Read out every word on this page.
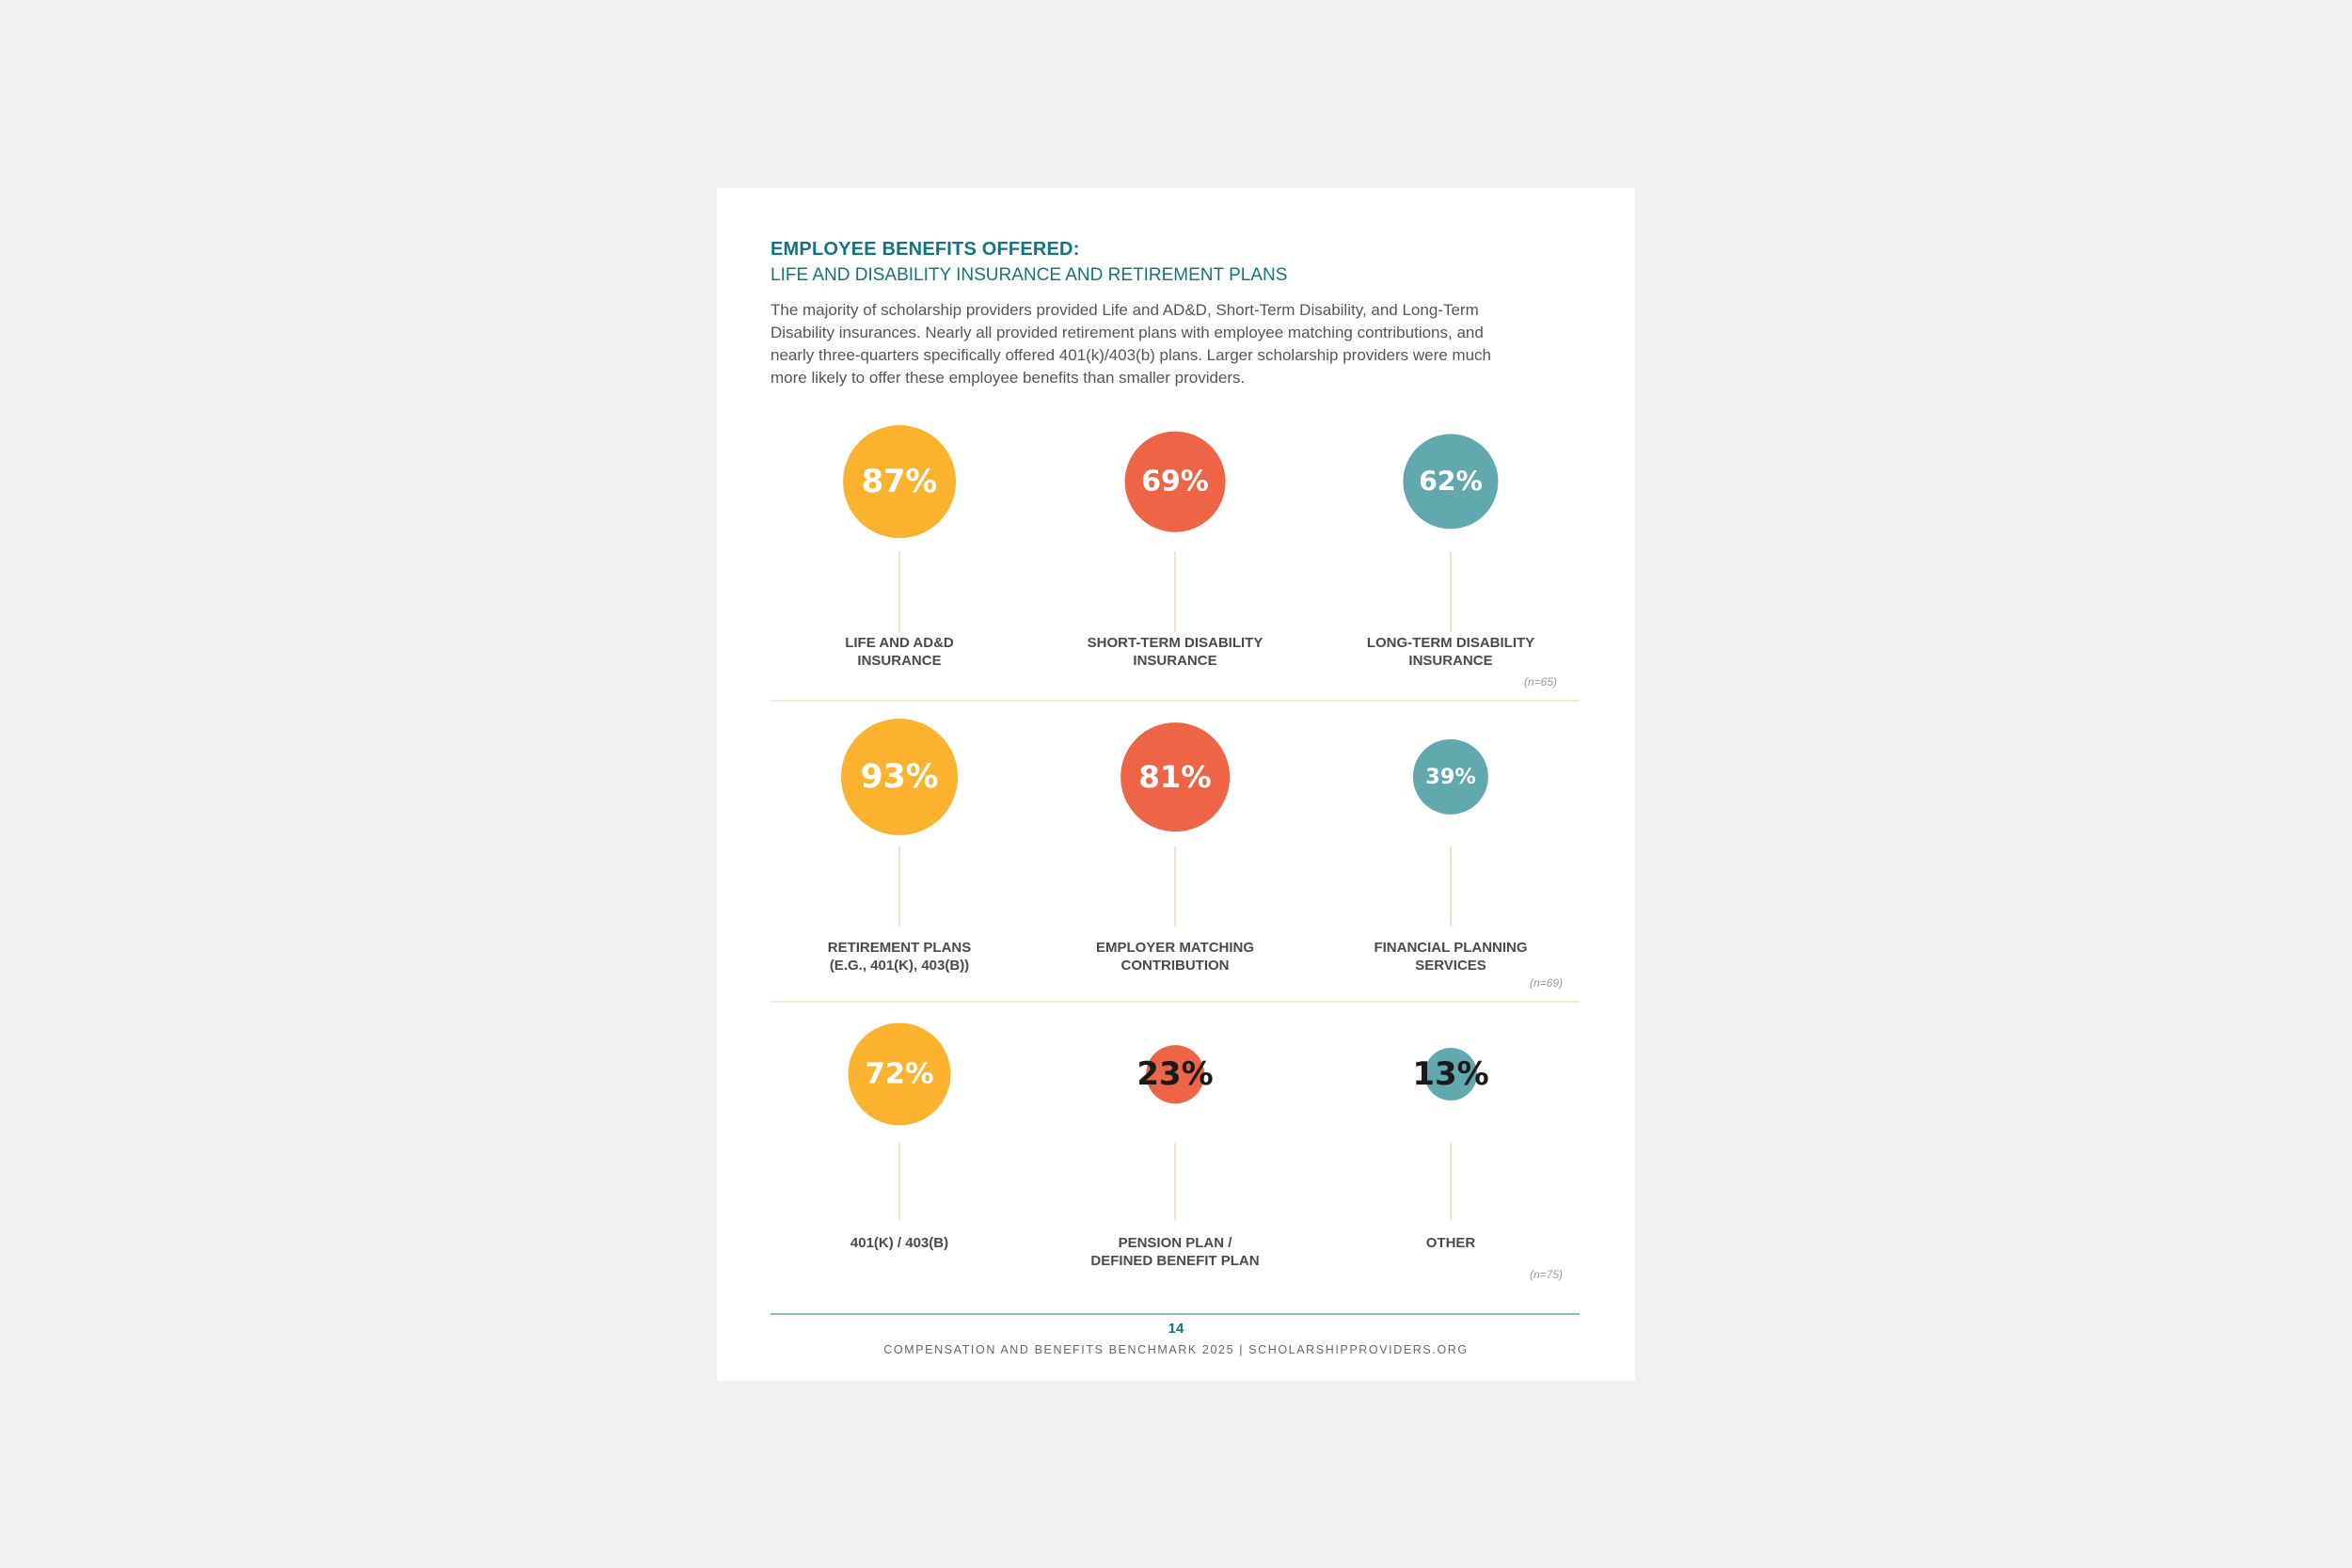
EMPLOYEE BENEFITS OFFERED:
LIFE AND DISABILITY INSURANCE AND RETIREMENT PLANS
The majority of scholarship providers provided Life and AD&D, Short-Term Disability, and Long-Term Disability insurances. Nearly all provided retirement plans with employee matching contributions, and nearly three-quarters specifically offered 401(k)/403(b) plans. Larger scholarship providers were much more likely to offer these employee benefits than smaller providers.
87%
LIFE AND AD&D
INSURANCE
69%
SHORT-TERM DISABILITY
INSURANCE
62%
LONG-TERM DISABILITY
INSURANCE
(n=65)
93%
RETIREMENT PLANS
(E.G., 401(K), 403(B))
81%
EMPLOYER MATCHING
CONTRIBUTION
39%
FINANCIAL PLANNING
SERVICES
(n=69)
72%
401(K) / 403(B)
23%
PENSION PLAN /
DEFINED BENEFIT PLAN
13%
OTHER
(n=75)
14
COMPENSATION AND BENEFITS BENCHMARK 2025 | SCHOLARSHIPPROVIDERS.ORG
